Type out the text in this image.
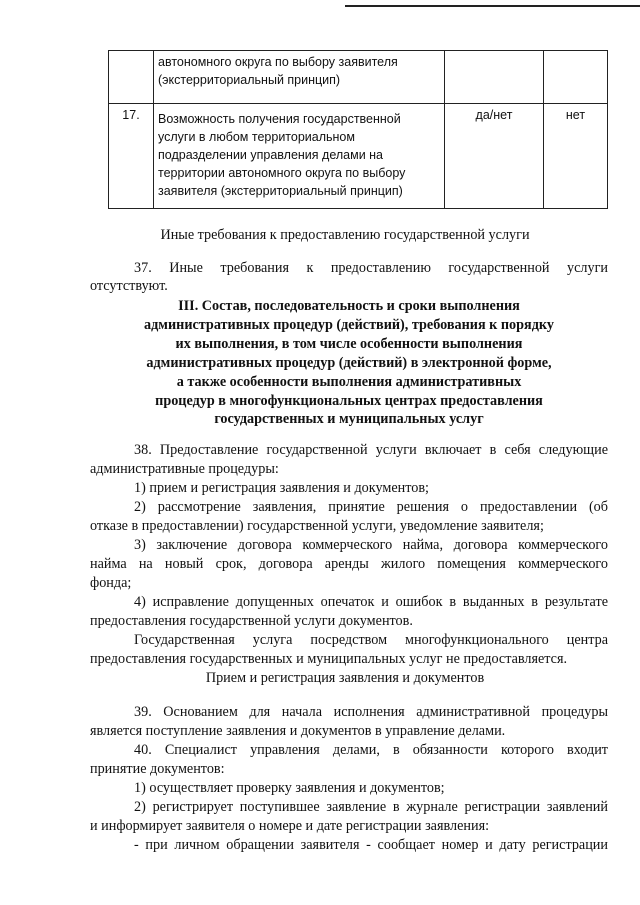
	автономного округа по выбору заявителя
(экстерриториальный принцип)		

17.	Возможность получения государственной
услуги в любом территориальном
подразделении управления делами на
территории автономного округа по выбору
заявителя (экстерриториальный принцип)	да/нет	нет
Иные требования к предоставлению государственной услуги
37. Иные требования к предоставлению государственной услуги
отсутствуют.
III. Состав, последовательность и сроки выполнения
административных процедур (действий), требования к порядку
их выполнения, в том числе особенности выполнения
административных процедур (действий) в электронной форме,
а также особенности выполнения административных
процедур в многофункциональных центрах предоставления
государственных и муниципальных услуг
38. Предоставление государственной услуги включает в себя следующие
административные процедуры:
1) прием и регистрация заявления и документов;
2) рассмотрение заявления, принятие решения о предоставлении (об
отказе в предоставлении) государственной услуги, уведомление заявителя;
3) заключение договора коммерческого найма, договора коммерческого
найма на новый срок, договора аренды жилого помещения коммерческого
фонда;
4) исправление допущенных опечаток и ошибок в выданных в результате
предоставления государственной услуги документов.
Государственная услуга посредством многофункционального центра
предоставления государственных и муниципальных услуг не предоставляется.
Прием и регистрация заявления и документов
39. Основанием для начала исполнения административной процедуры
является поступление заявления и документов в управление делами.
40. Специалист управления делами, в обязанности которого входит
принятие документов:
1) осуществляет проверку заявления и документов;
2) регистрирует поступившее заявление в журнале регистрации заявлений
и информирует заявителя о номере и дате регистрации заявления:
- при личном обращении заявителя - сообщает номер и дату регистрации
